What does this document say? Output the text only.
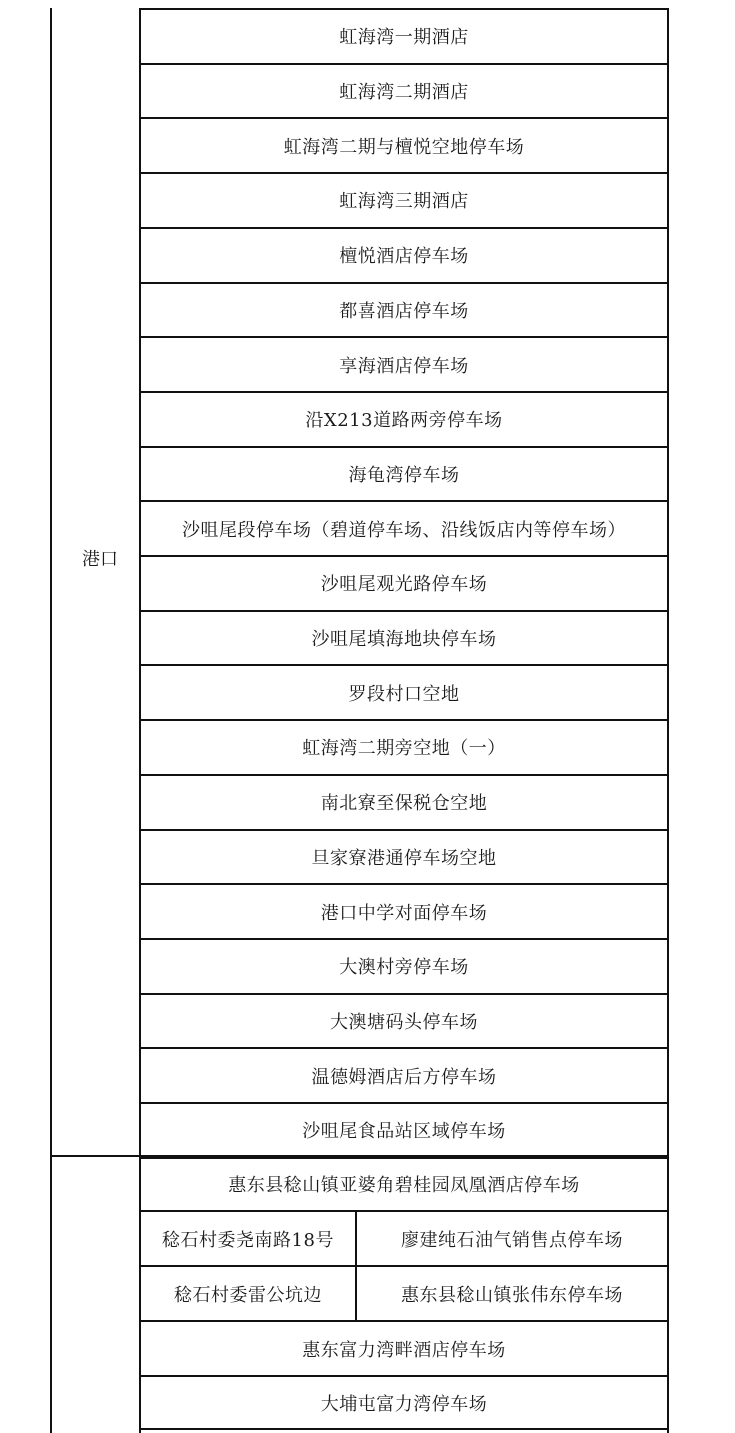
港口
虹海湾一期酒店
虹海湾二期酒店
虹海湾二期与檀悦空地停车场
虹海湾三期酒店
檀悦酒店停车场
都喜酒店停车场
享海酒店停车场
沿X213道路两旁停车场
海龟湾停车场
沙咀尾段停车场（碧道停车场、沿线饭店内等停车场）
沙咀尾观光路停车场
沙咀尾填海地块停车场
罗段村口空地
虹海湾二期旁空地（一）
南北寮至保税仓空地
旦家寮港通停车场空地
港口中学对面停车场
大澳村旁停车场
大澳塘码头停车场
温德姆酒店后方停车场
沙咀尾食品站区域停车场
惠东县稔山镇亚婆角碧桂园凤凰酒店停车场
稔石村委尧南路18号	廖建纯石油气销售点停车场
稔石村委雷公坑边	惠东县稔山镇张伟东停车场
惠东富力湾畔酒店停车场
大埔屯富力湾停车场
